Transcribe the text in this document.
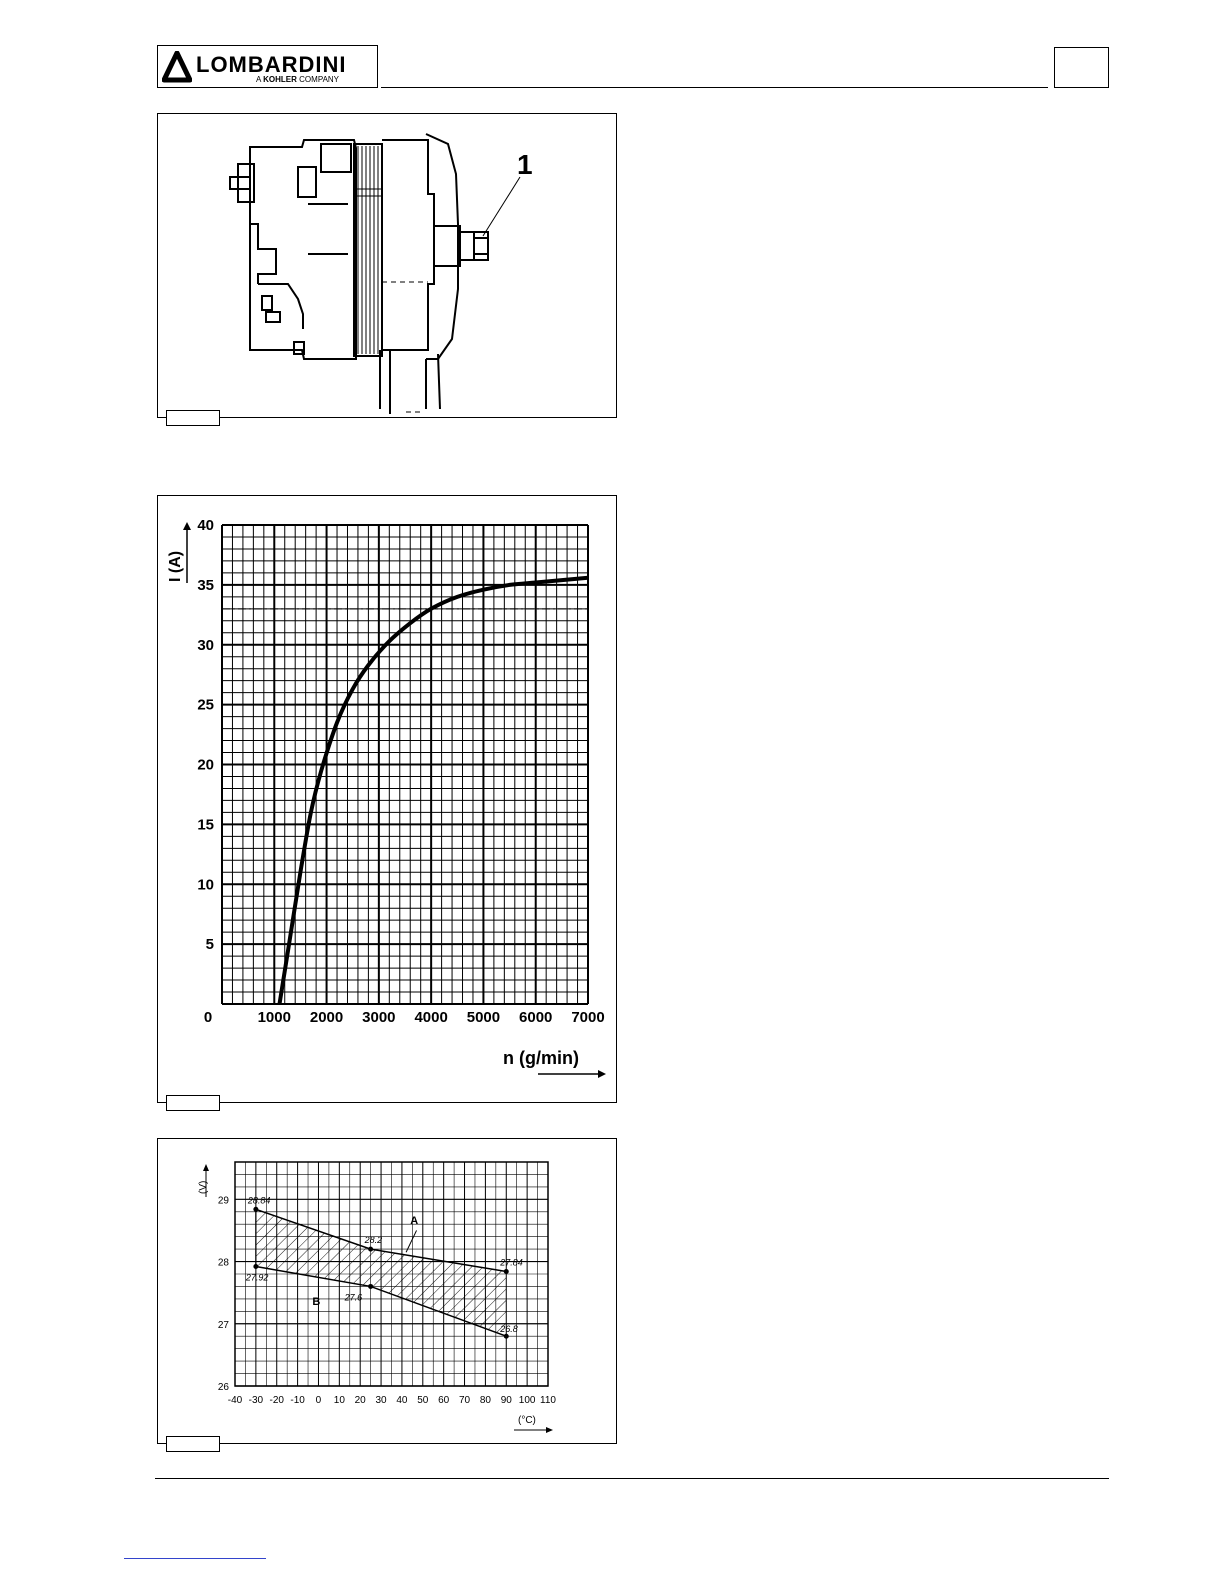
LOMBARDINI
A KOHLER COMPANY
1
0	1000 2000 3000 4000 5000 6000 7000
40
35
30
25
20
15
10
5
I (A)
n (g/min)
-40 -30 -20 -10 0 10 20 30 40 50 60 70 80 90 100 110
29
28
27
26
28.84
28.2
27.84
27.92
27.6
26.8
A
B
(V)
(°C)
